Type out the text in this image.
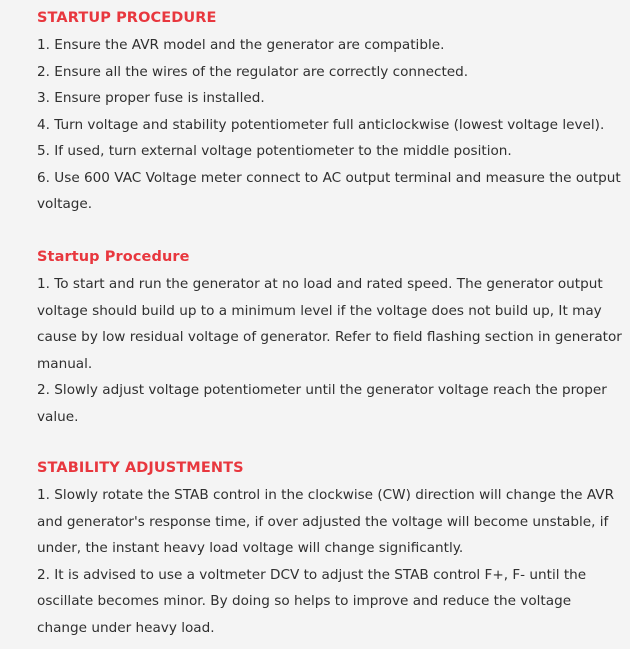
STARTUP PROCEDURE

1. Ensure the AVR model and the generator are compatible.

2. Ensure all the wires of the regulator are correctly connected.

3. Ensure proper fuse is installed.

4. Turn voltage and stability potentiometer full anticlockwise (lowest voltage level).

5. If used, turn external voltage potentiometer to the middle position.

6. Use 600 VAC Voltage meter connect to AC output terminal and measure the output voltage.

Startup Procedure

1. To start and run the generator at no load and rated speed. The generator output voltage should build up to a minimum level if the voltage does not build up, It may cause by low residual voltage of generator. Refer to field flashing section in generator manual.

2. Slowly adjust voltage potentiometer until the generator voltage reach the proper value.

STABILITY ADJUSTMENTS

1. Slowly rotate the STAB control in the clockwise (CW) direction will change the AVR and generator's response time, if over adjusted the voltage will become unstable, if under, the instant heavy load voltage will change significantly.

2. It is advised to use a voltmeter DCV to adjust the STAB control F+, F- until the oscillate becomes minor. By doing so helps to improve and reduce the voltage change under heavy load.
